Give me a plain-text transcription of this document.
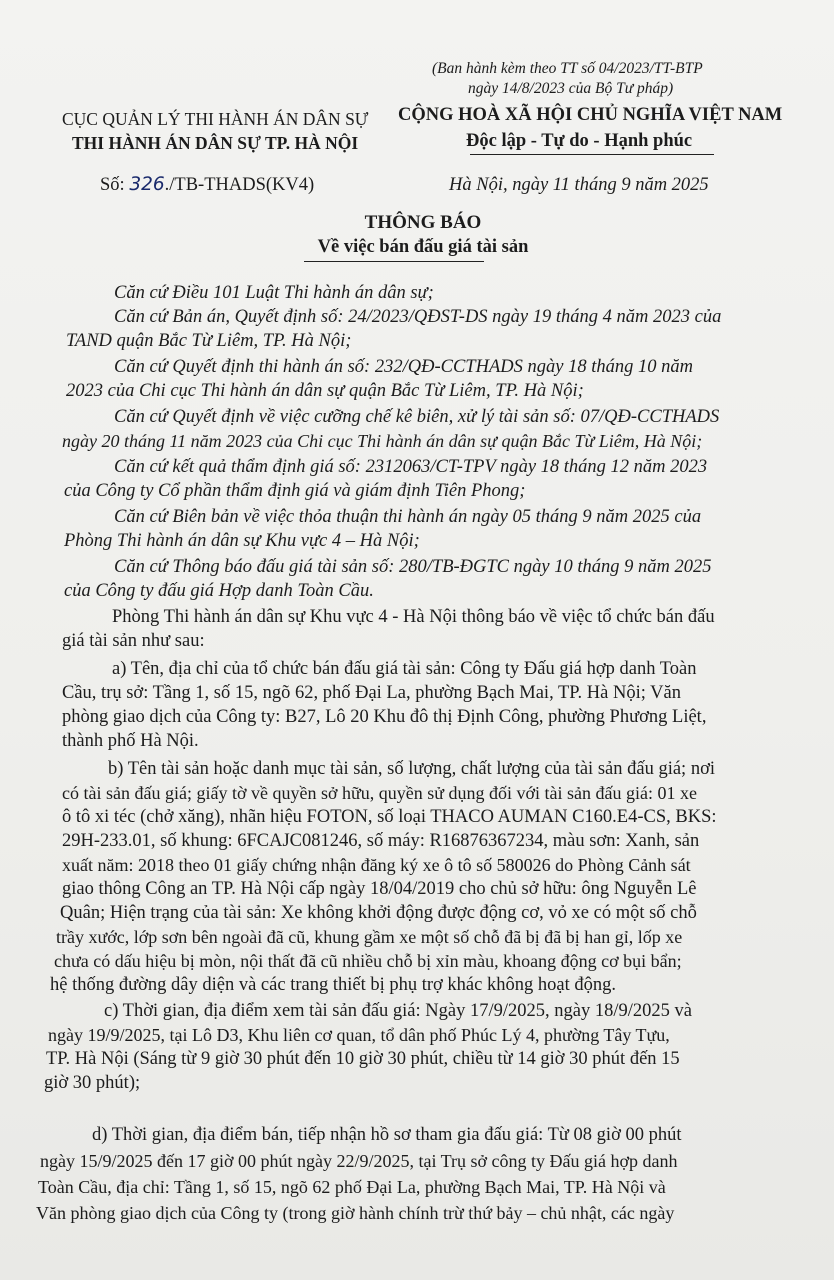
(Ban hành kèm theo TT số 04/2023/TT-BTP
ngày 14/8/2023 của Bộ Tư pháp)
CỤC QUẢN LÝ THI HÀNH ÁN DÂN SỰ
THI HÀNH ÁN DÂN SỰ TP. HÀ NỘI
CỘNG HOÀ XÃ HỘI CHỦ NGHĨA VIỆT NAM
Độc lập - Tự do - Hạnh phúc
Số: 326./TB-THADS(KV4)	Hà Nội, ngày 11 tháng 9 năm 2025
THÔNG BÁO
Về việc bán đấu giá tài sản
Căn cứ Điều 101 Luật Thi hành án dân sự;
Căn cứ Bản án, Quyết định số: 24/2023/QĐST-DS ngày 19 tháng 4 năm 2023 của
TAND quận Bắc Từ Liêm, TP. Hà Nội;
Căn cứ Quyết định thi hành án số: 232/QĐ-CCTHADS ngày 18 tháng 10 năm
2023 của Chi cục Thi hành án dân sự quận Bắc Từ Liêm, TP. Hà Nội;
Căn cứ Quyết định về việc cưỡng chế kê biên, xử lý tài sản số: 07/QĐ-CCTHADS
ngày 20 tháng 11 năm 2023 của Chi cục Thi hành án dân sự quận Bắc Từ Liêm, Hà Nội;
Căn cứ kết quả thẩm định giá số: 2312063/CT-TPV ngày 18 tháng 12 năm 2023
của Công ty Cổ phần thẩm định giá và giám định Tiên Phong;
Căn cứ Biên bản về việc thỏa thuận thi hành án ngày 05 tháng 9 năm 2025 của
Phòng Thi hành án dân sự Khu vực 4 – Hà Nội;
Căn cứ Thông báo đấu giá tài sản số: 280/TB-ĐGTC ngày 10 tháng 9 năm 2025
của Công ty đấu giá Hợp danh Toàn Cầu.
Phòng Thi hành án dân sự Khu vực 4 - Hà Nội thông báo về việc tổ chức bán đấu
giá tài sản như sau:
a) Tên, địa chỉ của tổ chức bán đấu giá tài sản: Công ty Đấu giá hợp danh Toàn
Cầu, trụ sở: Tầng 1, số 15, ngõ 62, phố Đại La, phường Bạch Mai, TP. Hà Nội; Văn
phòng giao dịch của Công ty: B27, Lô 20 Khu đô thị Định Công, phường Phương Liệt,
thành phố Hà Nội.
b) Tên tài sản hoặc danh mục tài sản, số lượng, chất lượng của tài sản đấu giá; nơi
có tài sản đấu giá; giấy tờ về quyền sở hữu, quyền sử dụng đối với tài sản đấu giá: 01 xe
ô tô xi téc (chở xăng), nhãn hiệu FOTON, số loại THACO AUMAN C160.E4-CS, BKS:
29H-233.01, số khung: 6FCAJC081246, số máy: R16876367234, màu sơn: Xanh, sản
xuất năm: 2018 theo 01 giấy chứng nhận đăng ký xe ô tô số 580026 do Phòng Cảnh sát
giao thông Công an TP. Hà Nội cấp ngày 18/04/2019 cho chủ sở hữu: ông Nguyễn Lê
Quân; Hiện trạng của tài sản: Xe không khởi động được động cơ, vỏ xe có một số chỗ
trầy xước, lớp sơn bên ngoài đã cũ, khung gầm xe một số chỗ đã bị đã bị han gỉ, lốp xe
chưa có dấu hiệu bị mòn, nội thất đã cũ nhiều chỗ bị xỉn màu, khoang động cơ bụi bẩn;
hệ thống đường dây diện và các trang thiết bị phụ trợ khác không hoạt động.
c) Thời gian, địa điểm xem tài sản đấu giá: Ngày 17/9/2025, ngày 18/9/2025 và
ngày 19/9/2025, tại Lô D3, Khu liên cơ quan, tổ dân phố Phúc Lý 4, phường Tây Tựu,
TP. Hà Nội (Sáng từ 9 giờ 30 phút đến 10 giờ 30 phút, chiều từ 14 giờ 30 phút đến 15
giờ 30 phút);
d) Thời gian, địa điểm bán, tiếp nhận hồ sơ tham gia đấu giá: Từ 08 giờ 00 phút
ngày 15/9/2025 đến 17 giờ 00 phút ngày 22/9/2025, tại Trụ sở công ty Đấu giá hợp danh
Toàn Cầu, địa chỉ: Tầng 1, số 15, ngõ 62 phố Đại La, phường Bạch Mai, TP. Hà Nội và
Văn phòng giao dịch của Công ty (trong giờ hành chính trừ thứ bảy – chủ nhật, các ngày
